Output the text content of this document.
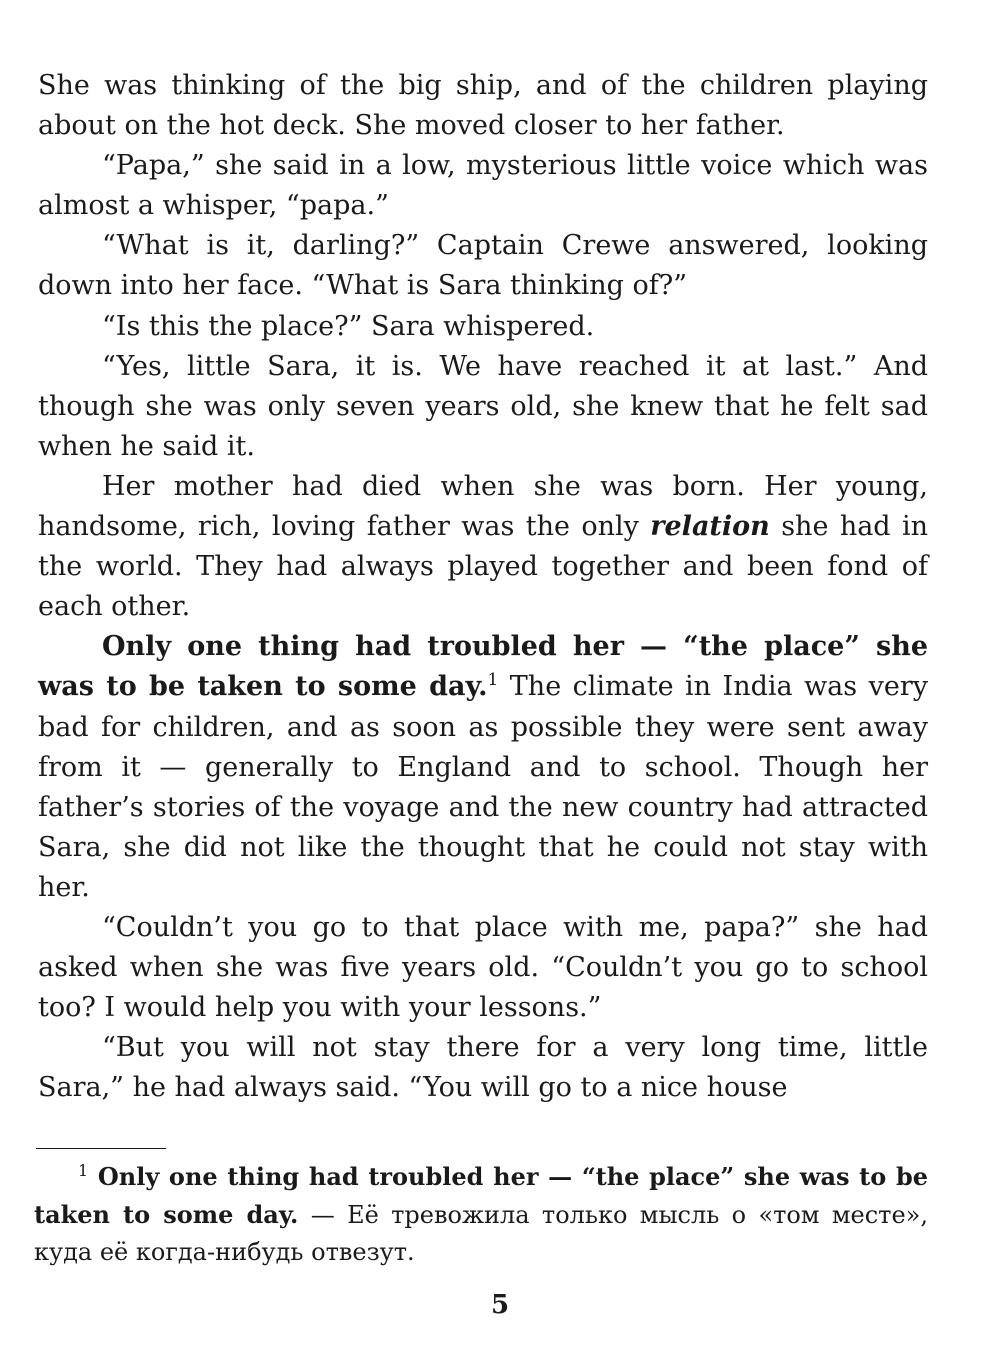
She was thinking of the big ship, and of the children playing about on the hot deck. She moved closer to her father.

“Papa,” she said in a low, mysterious little voice which was almost a whisper, “papa.”

“What is it, darling?” Captain Crewe answered, looking down into her face. “What is Sara thinking of?”

“Is this the place?” Sara whispered.

“Yes, little Sara, it is. We have reached it at last.” And though she was only seven years old, she knew that he felt sad when he said it.

Her mother had died when she was born. Her young, handsome, rich, loving father was the only relation she had in the world. They had always played together and been fond of each other.

Only one thing had troubled her — “the place” she was to be taken to some day.$^1$ The climate in India was very bad for children, and as soon as possible they were sent away from it — generally to England and to school. Though her father’s stories of the voyage and the new country had attracted Sara, she did not like the thought that he could not stay with her.

“Couldn’t you go to that place with me, papa?” she had asked when she was five years old. “Couldn’t you go to school too? I would help you with your lessons.”

“But you will not stay there for a very long time, little Sara,” he had always said. “You will go to a nice house

$^1$ Only one thing had troubled her — “the place” she was to be taken to some day. — Её тревожила только мысль о «том месте», куда её когда-нибудь отвезут.

5
